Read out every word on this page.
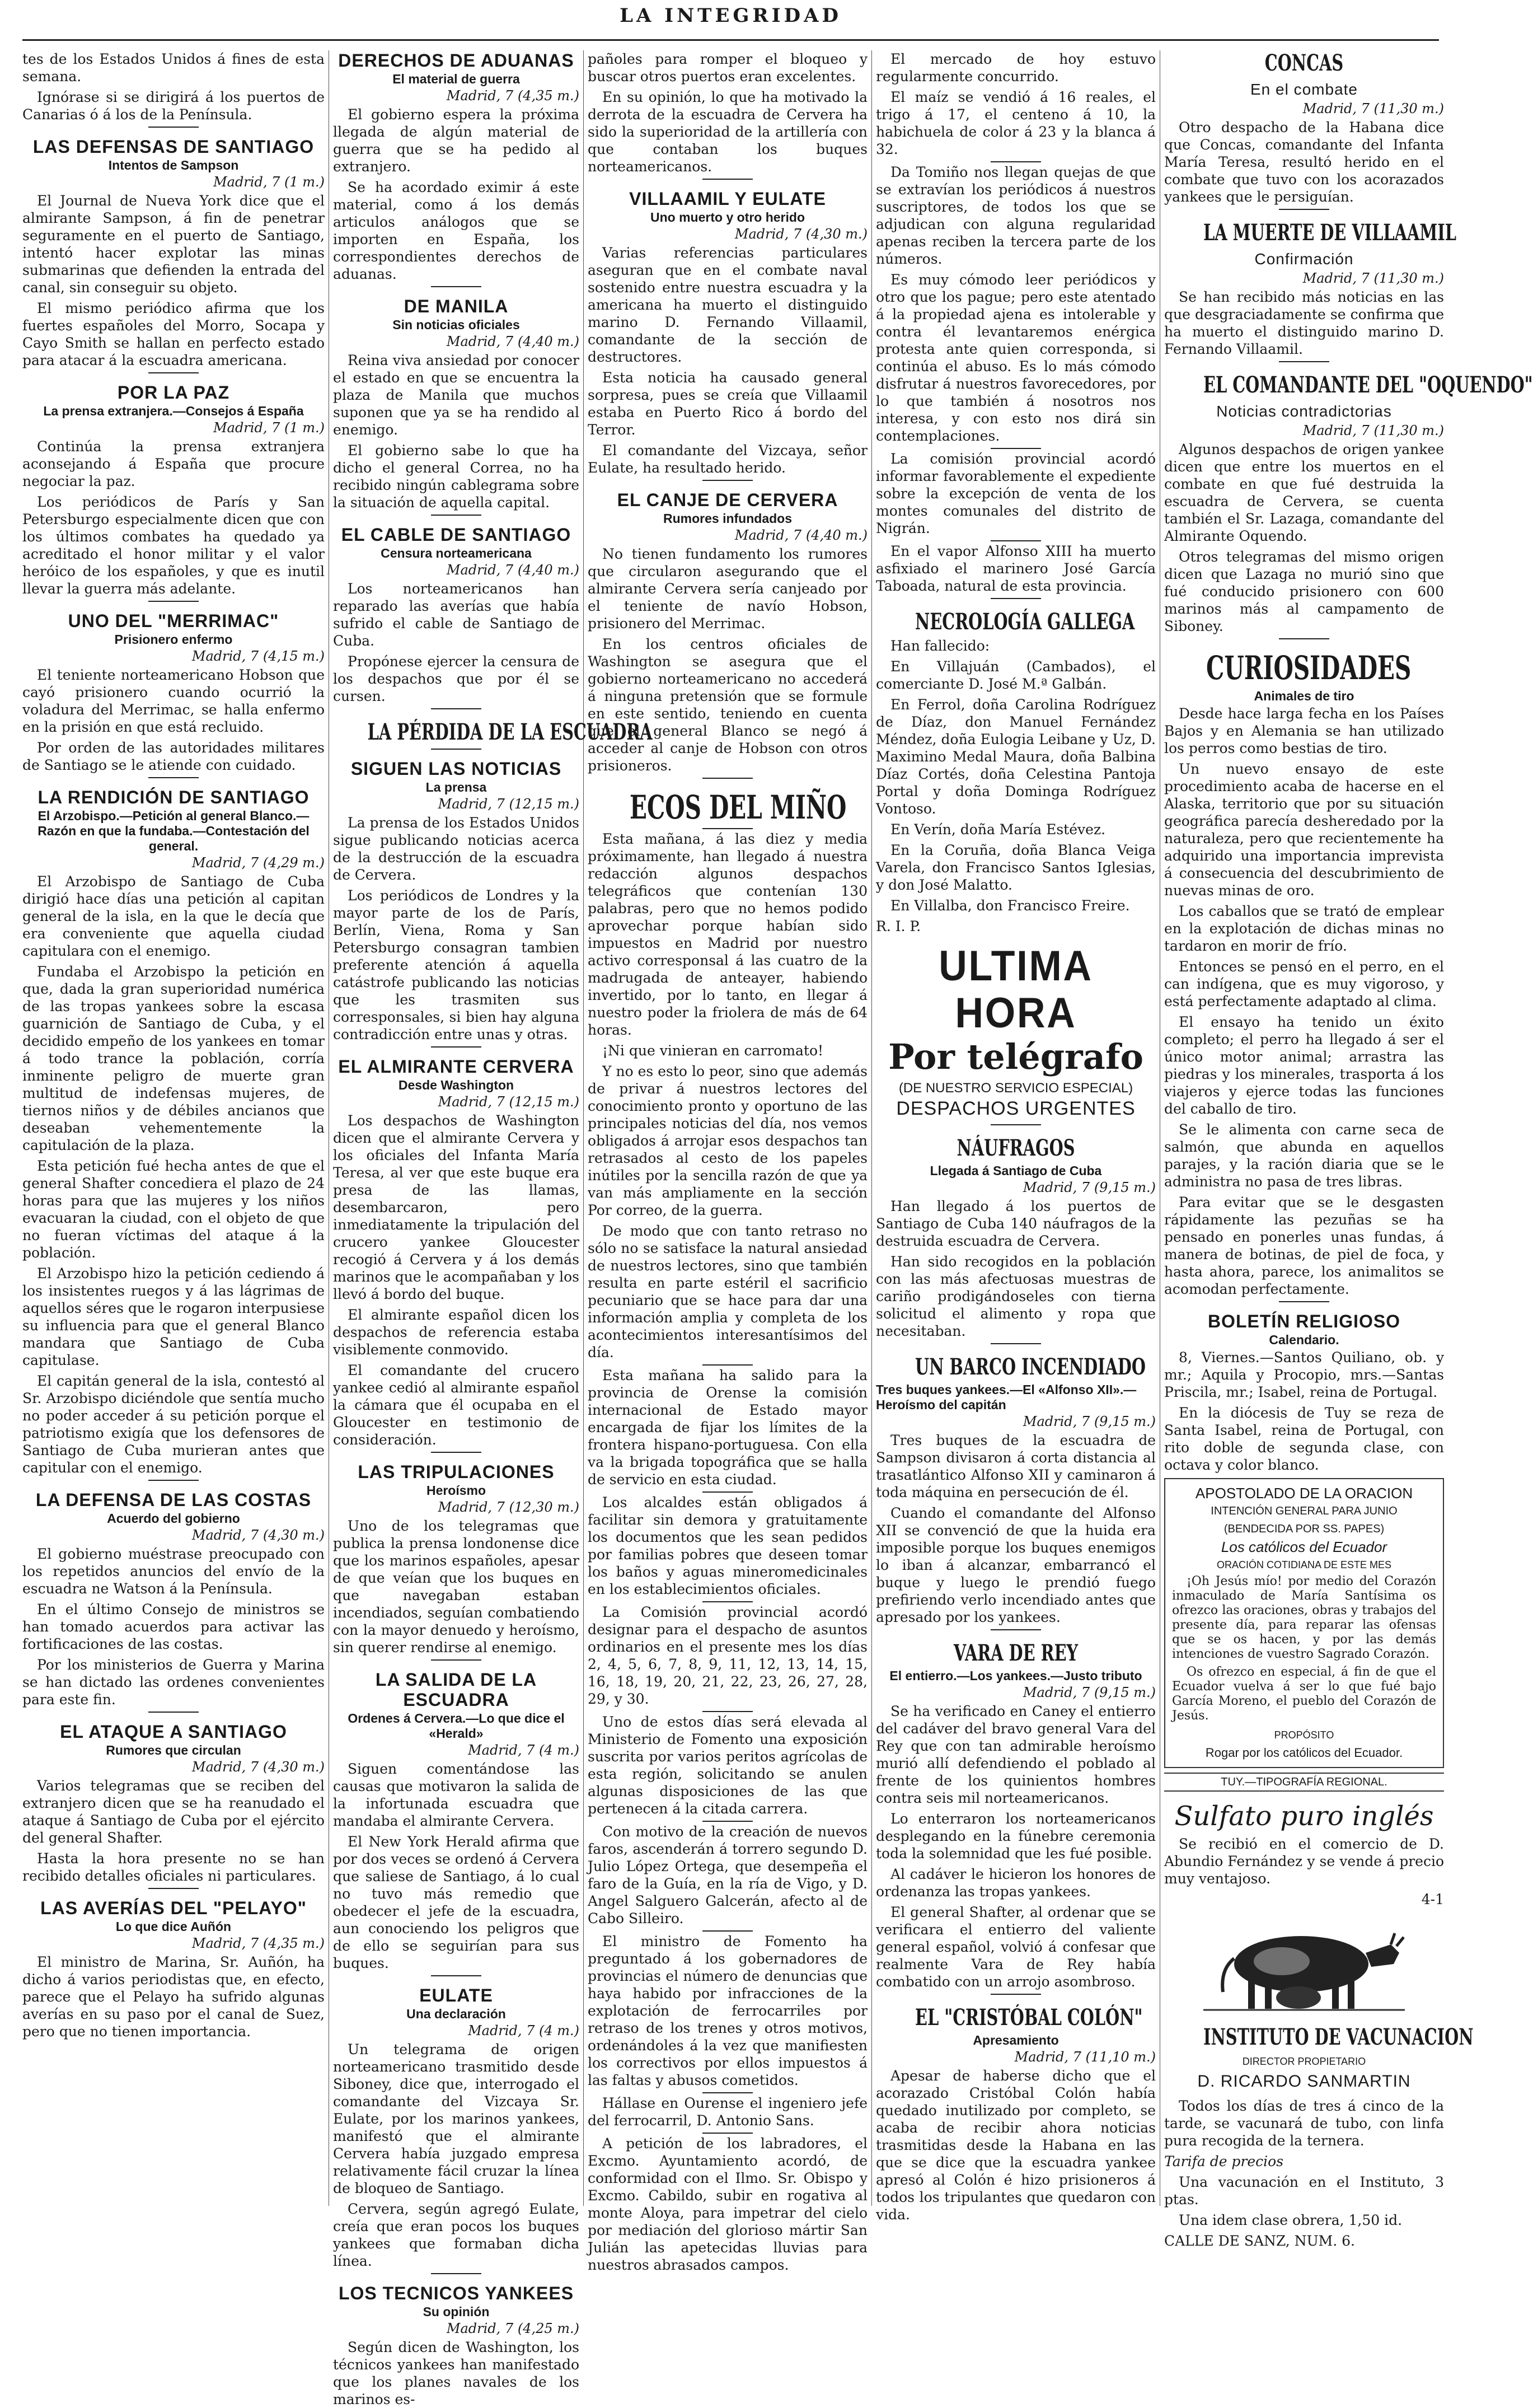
LA INTEGRIDAD

tes de los Estados Unidos á fines de esta semana.

Ignórase si se dirigirá á los puertos de Canarias ó á los de la Península.

LAS DEFENSAS DE SANTIAGO
Intentos de Sampson
Madrid, 7 (1 m.)

El Journal de Nueva York dice que el almirante Sampson, á fin de penetrar seguramente en el puerto de Santiago, intentó hacer explotar las minas submarinas que defienden la entrada del canal, sin conseguir su objeto.

El mismo periódico afirma que los fuertes españoles del Morro, Socapa y Cayo Smith se hallan en perfecto estado para atacar á la escuadra americana.

POR LA PAZ
La prensa extranjera.—Consejos á España
Madrid, 7 (1 m.)

Continúa la prensa extranjera aconsejando á España que procure negociar la paz.

Los periódicos de París y San Petersburgo especialmente dicen que con los últimos combates ha quedado ya acreditado el honor militar y el valor heróico de los españoles, y que es inutil llevar la guerra más adelante.

UNO DEL "MERRIMAC"
Prisionero enfermo
Madrid, 7 (4,15 m.)

El teniente norteamericano Hobson que cayó prisionero cuando ocurrió la voladura del Merrimac, se halla enfermo en la prisión en que está recluido.

Por orden de las autoridades militares de Santiago se le atiende con cuidado.

LA RENDICIÓN DE SANTIAGO
El Arzobispo.—Petición al general Blanco.—Razón en que la fundaba.—Contestación del general.
Madrid, 7 (4,29 m.)

El Arzobispo de Santiago de Cuba dirigió hace días una petición al capitan general de la isla, en la que le decía que era conveniente que aquella ciudad capitulara con el enemigo.

Fundaba el Arzobispo la petición en que, dada la gran superioridad numérica de las tropas yankees sobre la escasa guarnición de Santiago de Cuba, y el decidido empeño de los yankees en tomar á todo trance la población, corría inminente peligro de muerte gran multitud de indefensas mujeres, de tiernos niños y de débiles ancianos que deseaban vehementemente la capitulación de la plaza.

Esta petición fué hecha antes de que el general Shafter concediera el plazo de 24 horas para que las mujeres y los niños evacuaran la ciudad, con el objeto de que no fueran víctimas del ataque á la población.

El Arzobispo hizo la petición cediendo á los insistentes ruegos y á las lágrimas de aquellos séres que le rogaron interpusiese su influencia para que el general Blanco mandara que Santiago de Cuba capitulase.

El capitán general de la isla, contestó al Sr. Arzobispo diciéndole que sentía mucho no poder acceder á su petición porque el patriotismo exigía que los defensores de Santiago de Cuba murieran antes que capitular con el enemigo.

LA DEFENSA DE LAS COSTAS
Acuerdo del gobierno
Madrid, 7 (4,30 m.)

El gobierno muéstrase preocupado con los repetidos anuncios del envío de la escuadra ne Watson á la Península.

En el último Consejo de ministros se han tomado acuerdos para activar las fortificaciones de las costas.

Por los ministerios de Guerra y Marina se han dictado las ordenes convenientes para este fin.

EL ATAQUE A SANTIAGO
Rumores que circulan
Madrid, 7 (4,30 m.)

Varios telegramas que se reciben del extranjero dicen que se ha reanudado el ataque á Santiago de Cuba por el ejército del general Shafter.

Hasta la hora presente no se han recibido detalles oficiales ni particulares.

LAS AVERÍAS DEL "PELAYO"
Lo que dice Auñón
Madrid, 7 (4,35 m.)

El ministro de Marina, Sr. Auñón, ha dicho á varios periodistas que, en efecto, parece que el Pelayo ha sufrido algunas averías en su paso por el canal de Suez, pero que no tienen importancia.

DERECHOS DE ADUANAS
El material de guerra
Madrid, 7 (4,35 m.)

El gobierno espera la próxima llegada de algún material de guerra que se ha pedido al extranjero.

Se ha acordado eximir á este material, como á los demás articulos análogos que se importen en España, los correspondientes derechos de aduanas.

DE MANILA
Sin noticias oficiales
Madrid, 7 (4,40 m.)

Reina viva ansiedad por conocer el estado en que se encuentra la plaza de Manila que muchos suponen que ya se ha rendido al enemigo.

El gobierno sabe lo que ha dicho el general Correa, no ha recibido ningún cablegrama sobre la situación de aquella capital.

EL CABLE DE SANTIAGO
Censura norteamericana
Madrid, 7 (4,40 m.)

Los norteamericanos han reparado las averías que había sufrido el cable de Santiago de Cuba.

Propónese ejercer la censura de los despachos que por él se cursen.

LA PÉRDIDA DE LA ESCUADRA
SIGUEN LAS NOTICIAS
La prensa
Madrid, 7 (12,15 m.)

La prensa de los Estados Unidos sigue publicando noticias acerca de la destrucción de la escuadra de Cervera.

Los periódicos de Londres y la mayor parte de los de París, Berlín, Viena, Roma y San Petersburgo consagran tambien preferente atención á aquella catástrofe publicando las noticias que les trasmiten sus corresponsales, si bien hay alguna contradicción entre unas y otras.

EL ALMIRANTE CERVERA
Desde Washington
Madrid, 7 (12,15 m.)

Los despachos de Washington dicen que el almirante Cervera y los oficiales del Infanta María Teresa, al ver que este buque era presa de las llamas, desembarcaron, pero inmediatamente la tripulación del crucero yankee Gloucester recogió á Cervera y á los demás marinos que le acompañaban y los llevó á bordo del buque.

El almirante español dicen los despachos de referencia estaba visiblemente conmovido.

El comandante del crucero yankee cedió al almirante español la cámara que él ocupaba en el Gloucester en testimonio de consideración.

LAS TRIPULACIONES
Heroísmo
Madrid, 7 (12,30 m.)

Uno de los telegramas que publica la prensa londonense dice que los marinos españoles, apesar de que veían que los buques en que navegaban estaban incendiados, seguían combatiendo con la mayor denuedo y heroísmo, sin querer rendirse al enemigo.

LA SALIDA DE LA ESCUADRA
Ordenes á Cervera.—Lo que dice el «Herald»
Madrid, 7 (4 m.)

Siguen comentándose las causas que motivaron la salida de la infortunada escuadra que mandaba el almirante Cervera.

El New York Herald afirma que por dos veces se ordenó á Cervera que saliese de Santiago, á lo cual no tuvo más remedio que obedecer el jefe de la escuadra, aun conociendo los peligros que de ello se seguirían para sus buques.

EULATE
Una declaración
Madrid, 7 (4 m.)

Un telegrama de origen norteamericano trasmitido desde Siboney, dice que, interrogado el comandante del Vizcaya Sr. Eulate, por los marinos yankees, manifestó que el almirante Cervera había juzgado empresa relativamente fácil cruzar la línea de bloqueo de Santiago.

Cervera, según agregó Eulate, creía que eran pocos los buques yankees que formaban dicha línea.

LOS TECNICOS YANKEES
Su opinión
Madrid, 7 (4,25 m.)

Según dicen de Washington, los técnicos yankees han manifestado que los planes navales de los marinos es-

pañoles para romper el bloqueo y buscar otros puertos eran excelentes.

En su opinión, lo que ha motivado la derrota de la escuadra de Cervera ha sido la superioridad de la artillería con que contaban los buques norteamericanos.

VILLAAMIL Y EULATE
Uno muerto y otro herido
Madrid, 7 (4,30 m.)

Varias referencias particulares aseguran que en el combate naval sostenido entre nuestra escuadra y la americana ha muerto el distinguido marino D. Fernando Villaamil, comandante de la sección de destructores.

Esta noticia ha causado general sorpresa, pues se creía que Villaamil estaba en Puerto Rico á bordo del Terror.

El comandante del Vizcaya, señor Eulate, ha resultado herido.

EL CANJE DE CERVERA
Rumores infundados
Madrid, 7 (4,40 m.)

No tienen fundamento los rumores que circularon asegurando que el almirante Cervera sería canjeado por el teniente de navío Hobson, prisionero del Merrimac.

En los centros oficiales de Washington se asegura que el gobierno norteamericano no accederá á ninguna pretensión que se formule en este sentido, teniendo en cuenta que el general Blanco se negó á acceder al canje de Hobson con otros prisioneros.

ECOS DEL MIÑO

Esta mañana, á las diez y media próximamente, han llegado á nuestra redacción algunos despachos telegráficos que contenían 130 palabras, pero que no hemos podido aprovechar porque habían sido impuestos en Madrid por nuestro activo corresponsal á las cuatro de la madrugada de anteayer, habiendo invertido, por lo tanto, en llegar á nuestro poder la friolera de más de 64 horas.

¡Ni que vinieran en carromato!

Y no es esto lo peor, sino que además de privar á nuestros lectores del conocimiento pronto y oportuno de las principales noticias del día, nos vemos obligados á arrojar esos despachos tan retrasados al cesto de los papeles inútiles por la sencilla razón de que ya van más ampliamente en la sección Por correo, de la guerra.

De modo que con tanto retraso no sólo no se satisface la natural ansiedad de nuestros lectores, sino que también resulta en parte estéril el sacrificio pecuniario que se hace para dar una información amplia y completa de los acontecimientos interesantísimos del día.

Esta mañana ha salido para la provincia de Orense la comisión internacional de Estado mayor encargada de fijar los límites de la frontera hispano-portuguesa. Con ella va la brigada topográfica que se halla de servicio en esta ciudad.

Los alcaldes están obligados á facilitar sin demora y gratuitamente los documentos que les sean pedidos por familias pobres que deseen tomar los baños y aguas mineromedicinales en los establecimientos oficiales.

La Comisión provincial acordó designar para el despacho de asuntos ordinarios en el presente mes los días 2, 4, 5, 6, 7, 8, 9, 11, 12, 13, 14, 15, 16, 18, 19, 20, 21, 22, 23, 26, 27, 28, 29, y 30.

Uno de estos días será elevada al Ministerio de Fomento una exposición suscrita por varios peritos agrícolas de esta región, solicitando se anulen algunas disposiciones de las que pertenecen á la citada carrera.

Con motivo de la creación de nuevos faros, ascenderán á torrero segundo D. Julio López Ortega, que desempeña el faro de la Guía, en la ría de Vigo, y D. Angel Salguero Galcerán, afecto al de Cabo Silleiro.

El ministro de Fomento ha preguntado á los gobernadores de provincias el número de denuncias que haya habido por infracciones de la explotación de ferrocarriles por retraso de los trenes y otros motivos, ordenándoles á la vez que manifiesten los correctivos por ellos impuestos á las faltas y abusos cometidos.

Hállase en Ourense el ingeniero jefe del ferrocarril, D. Antonio Sans.

A petición de los labradores, el Excmo. Ayuntamiento acordó, de conformidad con el Ilmo. Sr. Obispo y Excmo. Cabildo, subir en rogativa al monte Aloya, para impetrar del cielo por mediación del glorioso mártir San Julián las apetecidas lluvias para nuestros abrasados campos.

El mercado de hoy estuvo regularmente concurrido.

El maíz se vendió á 16 reales, el trigo á 17, el centeno á 10, la habichuela de color á 23 y la blanca á 32.

Da Tomiño nos llegan quejas de que se extravían los periódicos á nuestros suscriptores, de todos los que se adjudican con alguna regularidad apenas reciben la tercera parte de los números.

Es muy cómodo leer periódicos y otro que los pague; pero este atentado á la propiedad ajena es intolerable y contra él levantaremos enérgica protesta ante quien corresponda, si continúa el abuso. Es lo más cómodo disfrutar á nuestros favorecedores, por lo que también á nosotros nos interesa, y con esto nos dirá sin contemplaciones.

La comisión provincial acordó informar favorablemente el expediente sobre la excepción de venta de los montes comunales del distrito de Nigrán.

En el vapor Alfonso XIII ha muerto asfixiado el marinero José García Taboada, natural de esta provincia.

NECROLOGÍA GALLEGA

Han fallecido:

En Villajuán (Cambados), el comerciante D. José M.ª Galbán.

En Ferrol, doña Carolina Rodríguez de Díaz, don Manuel Fernández Méndez, doña Eulogia Leibane y Uz, D. Maximino Medal Maura, doña Balbina Díaz Cortés, doña Celestina Pantoja Portal y doña Dominga Rodríguez Vontoso.

En Verín, doña María Estévez.

En la Coruña, doña Blanca Veiga Varela, don Francisco Santos Iglesias, y don José Malatto.

En Villalba, don Francisco Freire.

R. I. P.

ULTIMA HORA
Por telégrafo
(DE NUESTRO SERVICIO ESPECIAL)
DESPACHOS URGENTES
NÁUFRAGOS
Llegada á Santiago de Cuba
Madrid, 7 (9,15 m.)

Han llegado á los puertos de Santiago de Cuba 140 náufragos de la destruida escuadra de Cervera.

Han sido recogidos en la población con las más afectuosas muestras de cariño prodigándoseles con tierna solicitud el alimento y ropa que necesitaban.

UN BARCO INCENDIADO
Tres buques yankees.—El «Alfonso XII».—Heroísmo del capitán
Madrid, 7 (9,15 m.)

Tres buques de la escuadra de Sampson divisaron á corta distancia al trasatlántico Alfonso XII y caminaron á toda máquina en persecución de él.

Cuando el comandante del Alfonso XII se convenció de que la huida era imposible porque los buques enemigos lo iban á alcanzar, embarrancó el buque y luego le prendió fuego prefiriendo verlo incendiado antes que apresado por los yankees.

VARA DE REY
El entierro.—Los yankees.—Justo tributo
Madrid, 7 (9,15 m.)

Se ha verificado en Caney el entierro del cadáver del bravo general Vara del Rey que con tan admirable heroísmo murió allí defendiendo el poblado al frente de los quinientos hombres contra seis mil norteamericanos.

Lo enterraron los norteamericanos desplegando en la fúnebre ceremonia toda la solemnidad que les fué posible.

Al cadáver le hicieron los honores de ordenanza las tropas yankees.

El general Shafter, al ordenar que se verificara el entierro del valiente general español, volvió á confesar que realmente Vara de Rey había combatido con un arrojo asombroso.

EL "CRISTÓBAL COLÓN"
Apresamiento
Madrid, 7 (11,10 m.)

Apesar de haberse dicho que el acorazado Cristóbal Colón había quedado inutilizado por completo, se acaba de recibir ahora noticias trasmitidas desde la Habana en las que se dice que la escuadra yankee apresó al Colón é hizo prisioneros á todos los tripulantes que quedaron con vida.

CONCAS
En el combate
Madrid, 7 (11,30 m.)

Otro despacho de la Habana dice que Concas, comandante del Infanta María Teresa, resultó herido en el combate que tuvo con los acorazados yankees que le persiguían.

LA MUERTE DE VILLAAMIL
Confirmación
Madrid, 7 (11,30 m.)

Se han recibido más noticias en las que desgraciadamente se confirma que ha muerto el distinguido marino D. Fernando Villaamil.

EL COMANDANTE DEL "OQUENDO"
Noticias contradictorias
Madrid, 7 (11,30 m.)

Algunos despachos de origen yankee dicen que entre los muertos en el combate en que fué destruida la escuadra de Cervera, se cuenta también el Sr. Lazaga, comandante del Almirante Oquendo.

Otros telegramas del mismo origen dicen que Lazaga no murió sino que fué conducido prisionero con 600 marinos más al campamento de Siboney.

CURIOSIDADES
Animales de tiro

Desde hace larga fecha en los Países Bajos y en Alemania se han utilizado los perros como bestias de tiro.

Un nuevo ensayo de este procedimiento acaba de hacerse en el Alaska, territorio que por su situación geográfica parecía desheredado por la naturaleza, pero que recientemente ha adquirido una importancia imprevista á consecuencia del descubrimiento de nuevas minas de oro.

Los caballos que se trató de emplear en la explotación de dichas minas no tardaron en morir de frío.

Entonces se pensó en el perro, en el can indígena, que es muy vigoroso, y está perfectamente adaptado al clima.

El ensayo ha tenido un éxito completo; el perro ha llegado á ser el único motor animal; arrastra las piedras y los minerales, trasporta á los viajeros y ejerce todas las funciones del caballo de tiro.

Se le alimenta con carne seca de salmón, que abunda en aquellos parajes, y la ración diaria que se le administra no pasa de tres libras.

Para evitar que se le desgasten rápidamente las pezuñas se ha pensado en ponerles unas fundas, á manera de botinas, de piel de foca, y hasta ahora, parece, los animalitos se acomodan perfectamente.

BOLETÍN RELIGIOSO
Calendario.

8, Viernes.—Santos Quiliano, ob. y mr.; Aquila y Procopio, mrs.—Santas Priscila, mr.; Isabel, reina de Portugal.

En la diócesis de Tuy se reza de Santa Isabel, reina de Portugal, con rito doble de segunda clase, con octava y color blanco.

APOSTOLADO DE LA ORACION
INTENCIÓN GENERAL PARA JUNIO
(BENDECIDA POR SS. PAPES)
Los católicos del Ecuador
ORACIÓN COTIDIANA DE ESTE MES

¡Oh Jesús mío! por medio del Corazón inmaculado de María Santísima os ofrezco las oraciones, obras y trabajos del presente día, para reparar las ofensas que se os hacen, y por las demás intenciones de vuestro Sagrado Corazón.

Os ofrezco en especial, á fin de que el Ecuador vuelva á ser lo que fué bajo García Moreno, el pueblo del Corazón de Jesús.

PROPÓSITO
Rogar por los católicos del Ecuador.
TUY.—TIPOGRAFÍA REGIONAL.
Sulfato puro inglés

Se recibió en el comercio de D. Abundio Fernández y se vende á precio muy ventajoso.

4-1

INSTITUTO DE VACUNACION
DIRECTOR PROPIETARIO
D. RICARDO SANMARTIN

Todos los días de tres á cinco de la tarde, se vacunará de tubo, con linfa pura recogida de la ternera.

Tarifa de precios

Una vacunación en el Instituto, 3 ptas.

Una idem clase obrera, 1,50 id.

CALLE DE SANZ, NUM. 6.
